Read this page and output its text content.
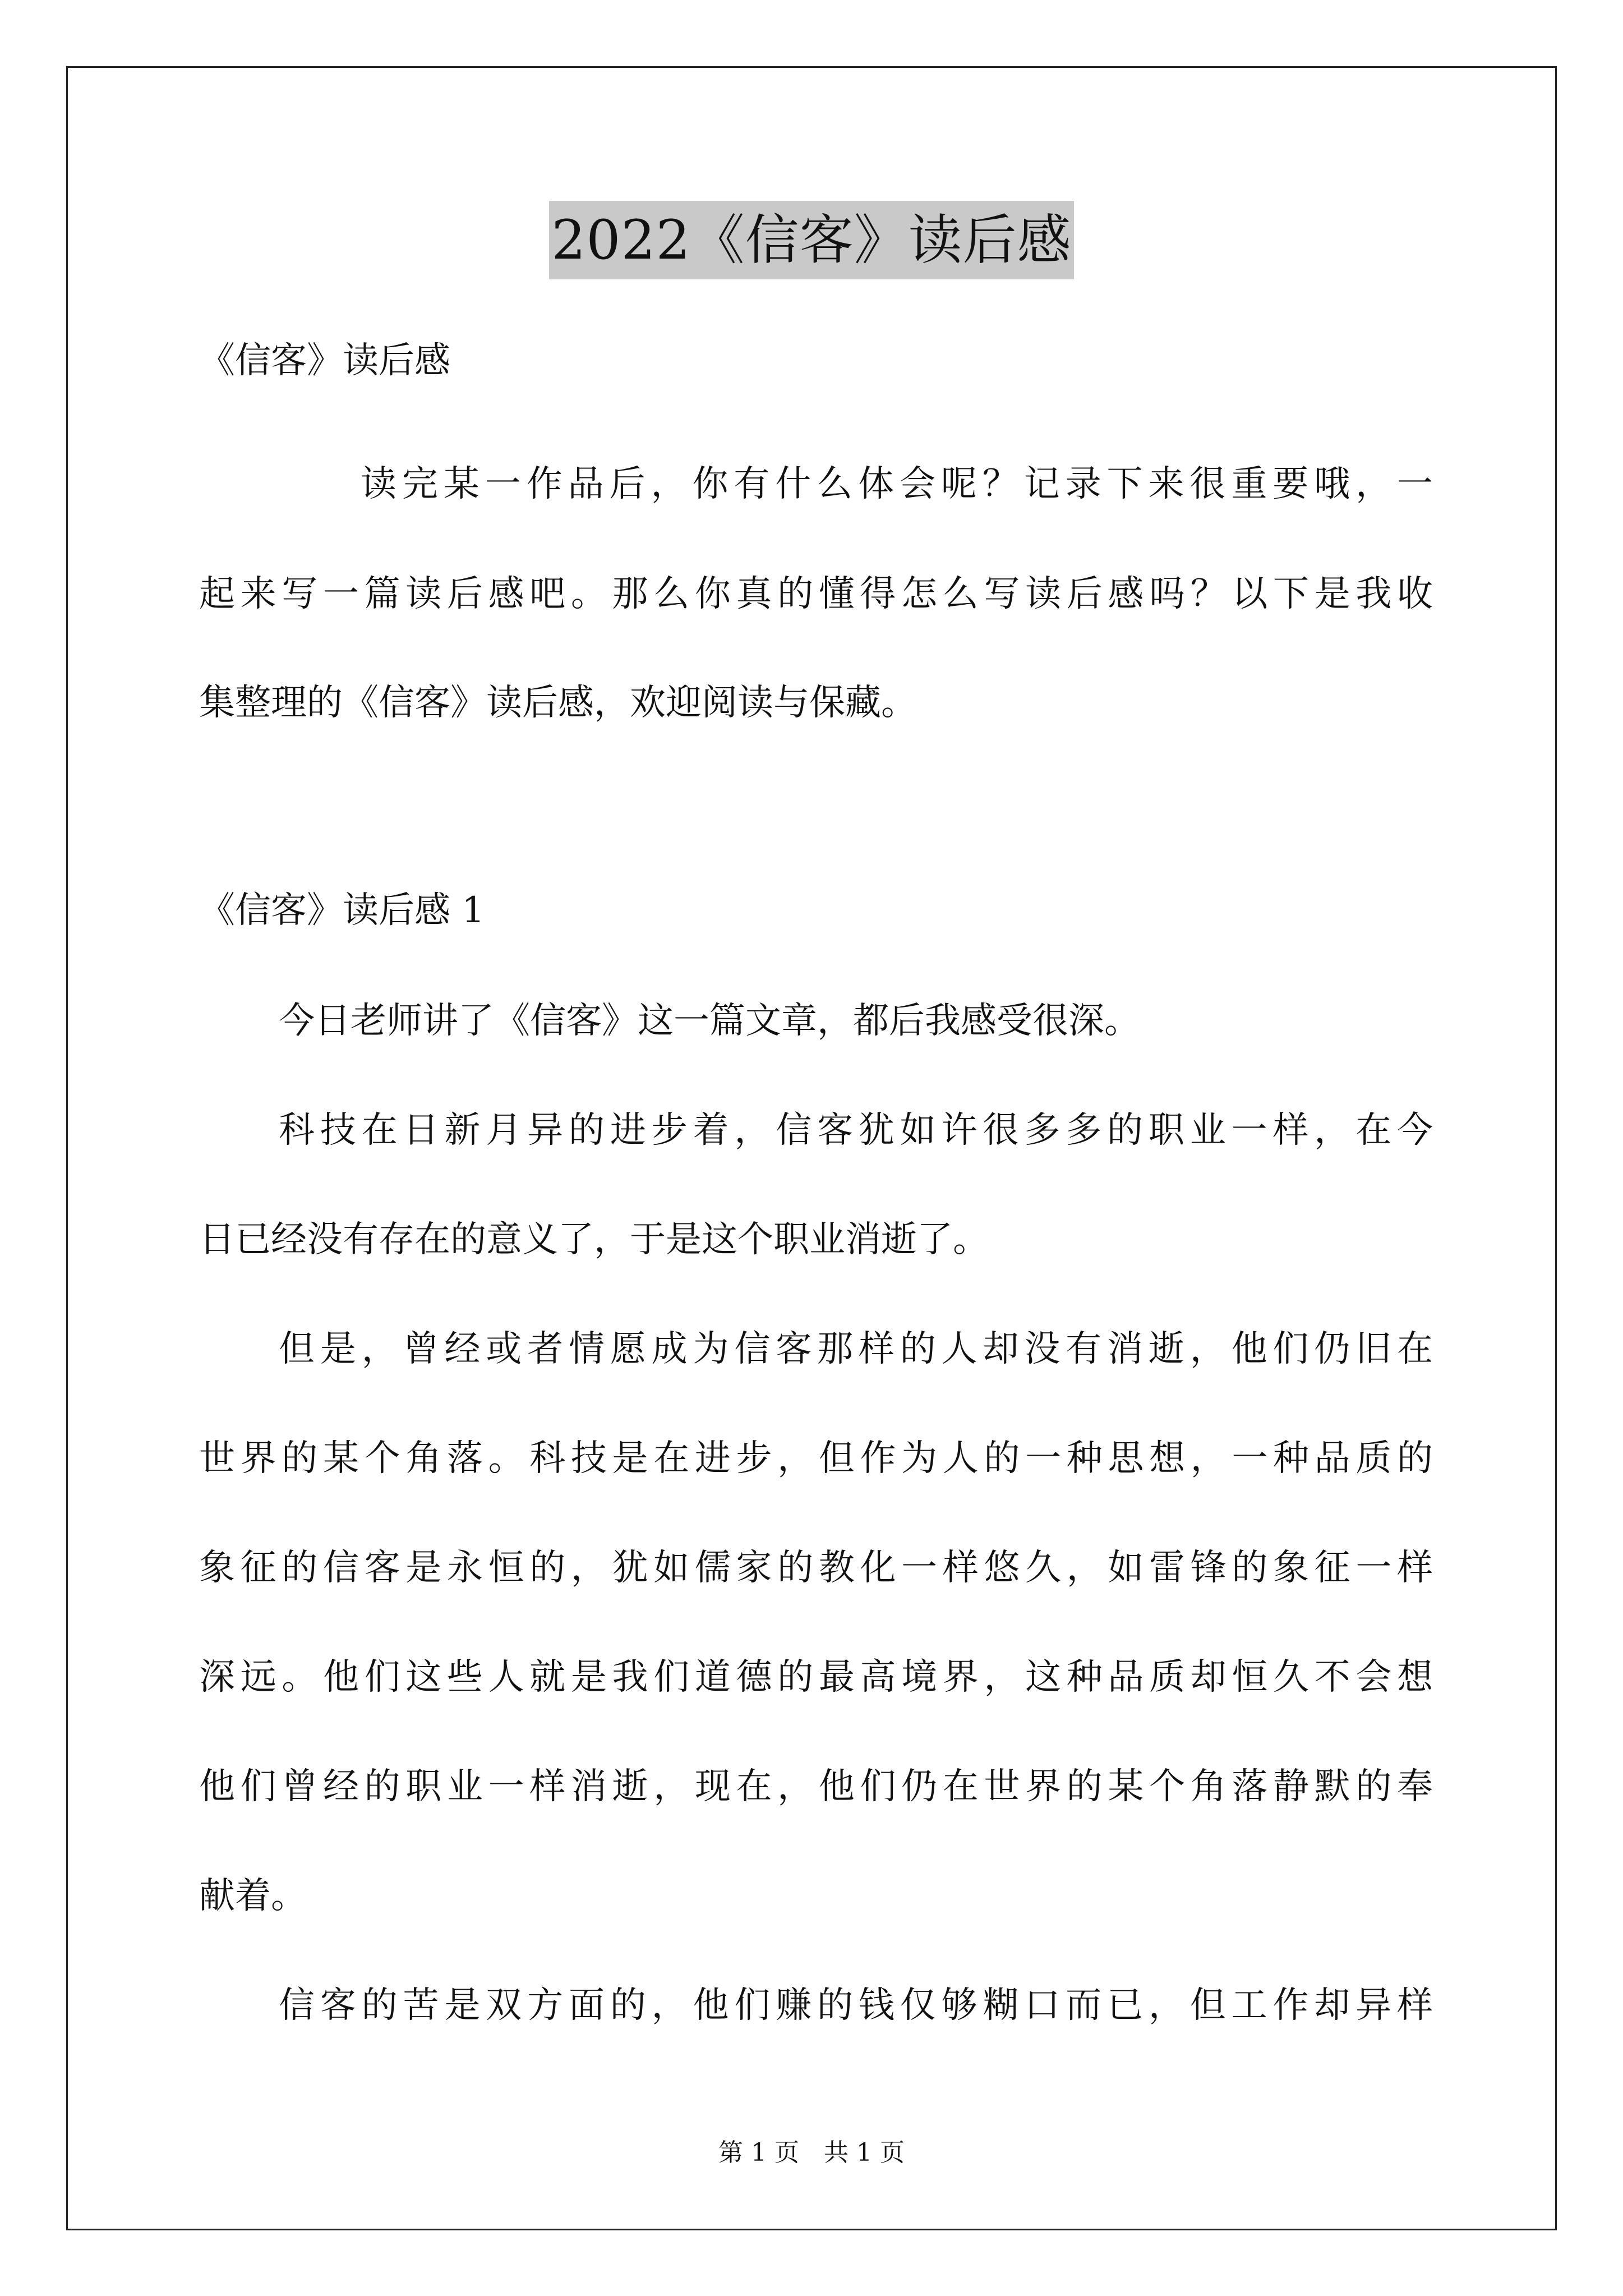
2022《信客》读后感
《信客》读后感
读完某一作品后，你有什么体会呢？记录下来很重要哦，一
起来写一篇读后感吧。那么你真的懂得怎么写读后感吗？以下是我收
集整理的《信客》读后感，欢迎阅读与保藏。
《信客》读后感 1
今日老师讲了《信客》这一篇文章，都后我感受很深。
科技在日新月异的进步着，信客犹如许很多多的职业一样，在今
日已经没有存在的意义了，于是这个职业消逝了。
但是，曾经或者情愿成为信客那样的人却没有消逝，他们仍旧在
世界的某个角落。科技是在进步，但作为人的一种思想，一种品质的
象征的信客是永恒的，犹如儒家的教化一样悠久，如雷锋的象征一样
深远。他们这些人就是我们道德的最高境界，这种品质却恒久不会想
他们曾经的职业一样消逝，现在，他们仍在世界的某个角落静默的奉
献着。
信客的苦是双方面的，他们赚的钱仅够糊口而已，但工作却异样
第 1 页　共 1 页
